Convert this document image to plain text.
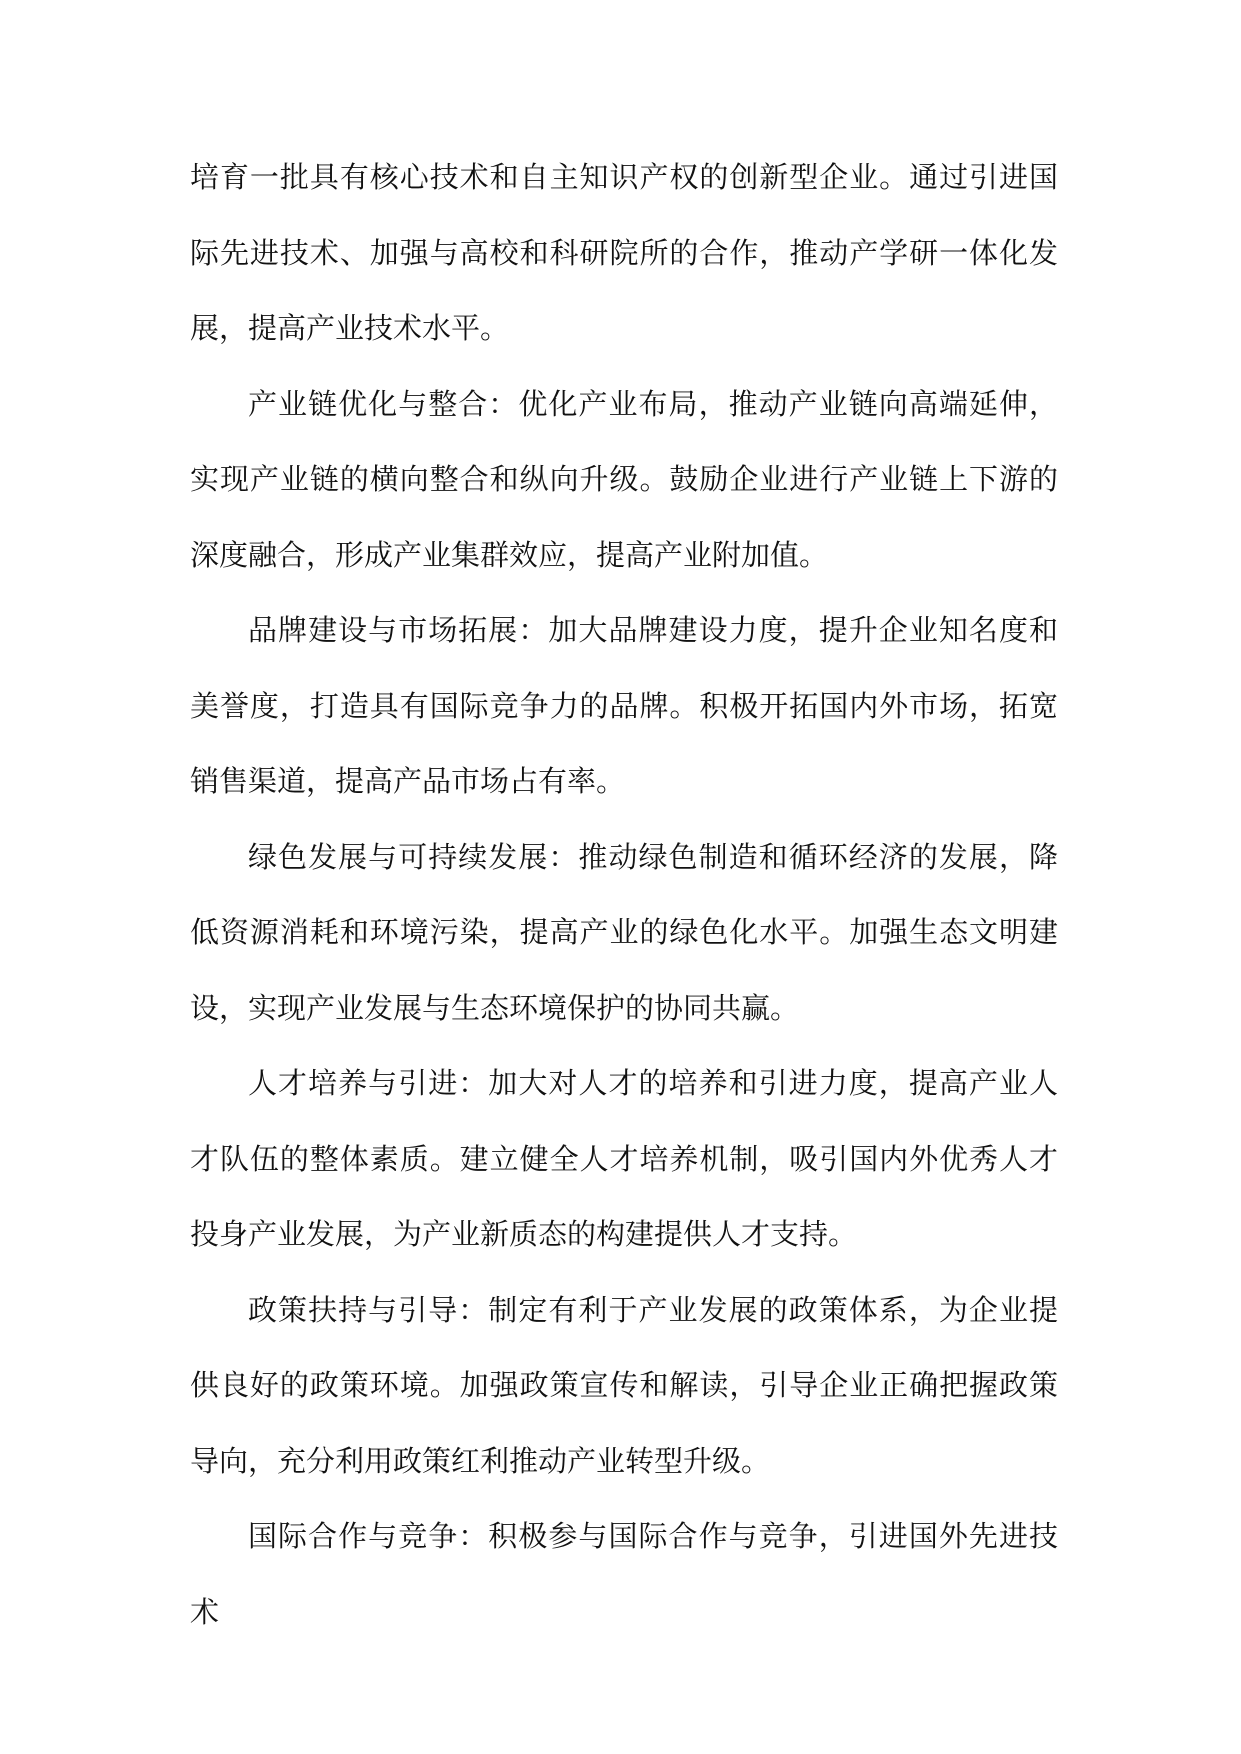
培育一批具有核心技术和自主知识产权的创新型企业。通过引进国际先进技术、加强与高校和科研院所的合作，推动产学研一体化发展，提高产业技术水平。

产业链优化与整合：优化产业布局，推动产业链向高端延伸，实现产业链的横向整合和纵向升级。鼓励企业进行产业链上下游的深度融合，形成产业集群效应，提高产业附加值。

品牌建设与市场拓展：加大品牌建设力度，提升企业知名度和美誉度，打造具有国际竞争力的品牌。积极开拓国内外市场，拓宽销售渠道，提高产品市场占有率。

绿色发展与可持续发展：推动绿色制造和循环经济的发展，降低资源消耗和环境污染，提高产业的绿色化水平。加强生态文明建设，实现产业发展与生态环境保护的协同共赢。

人才培养与引进：加大对人才的培养和引进力度，提高产业人才队伍的整体素质。建立健全人才培养机制，吸引国内外优秀人才投身产业发展，为产业新质态的构建提供人才支持。

政策扶持与引导：制定有利于产业发展的政策体系，为企业提供良好的政策环境。加强政策宣传和解读，引导企业正确把握政策导向，充分利用政策红利推动产业转型升级。

国际合作与竞争：积极参与国际合作与竞争，引进国外先进技术
